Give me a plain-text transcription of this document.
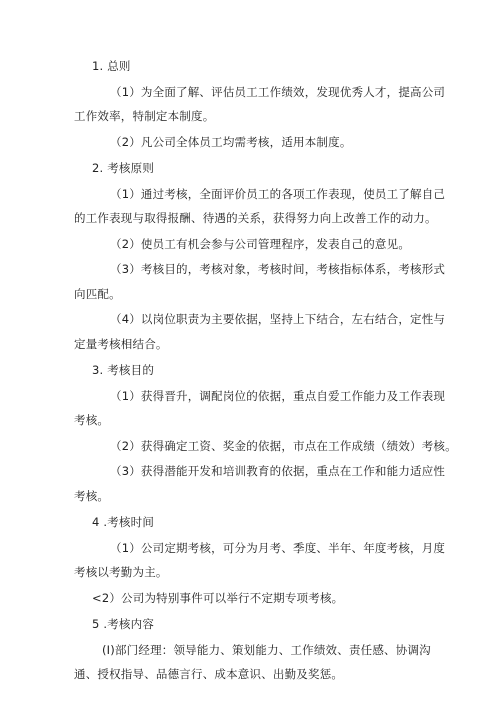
1. 总则
（1）为全面了解、评估员工工作绩效，发现优秀人才，提高公司
工作效率，特制定本制度。
（2）凡公司全体员工均需考核，适用本制度。
2. 考核原则
（1）通过考核，全面评价员工的各项工作表现，使员工了解自己
的工作表现与取得报酬、待遇的关系，获得努力向上改善工作的动力。
（2）使员工有机会参与公司管理程序，发表自己的意见。
（3）考核目的，考核对象，考核时间，考核指标体系，考核形式
向匹配。
（4）以岗位职责为主要依据，坚持上下结合，左右结合，定性与
定量考核相结合。
3. 考核目的
（1）获得晋升，调配岗位的依据，重点自爱工作能力及工作表现
考核。
（2）获得确定工资、奖金的依据，市点在工作成绩（绩效）考核。
（3）获得潜能开发和培训教育的依据，重点在工作和能力适应性
考核。
4 .考核时间
（1）公司定期考核，可分为月考、季度、半年、年度考核，月度
考核以考勤为主。
<2）公司为特别事件可以举行不定期专项考核。
5 .考核内容
(I)部门经理：领导能力、策划能力、工作绩效、责任感、协调沟
通、授权指导、品德言行、成本意识、出勤及奖惩。
